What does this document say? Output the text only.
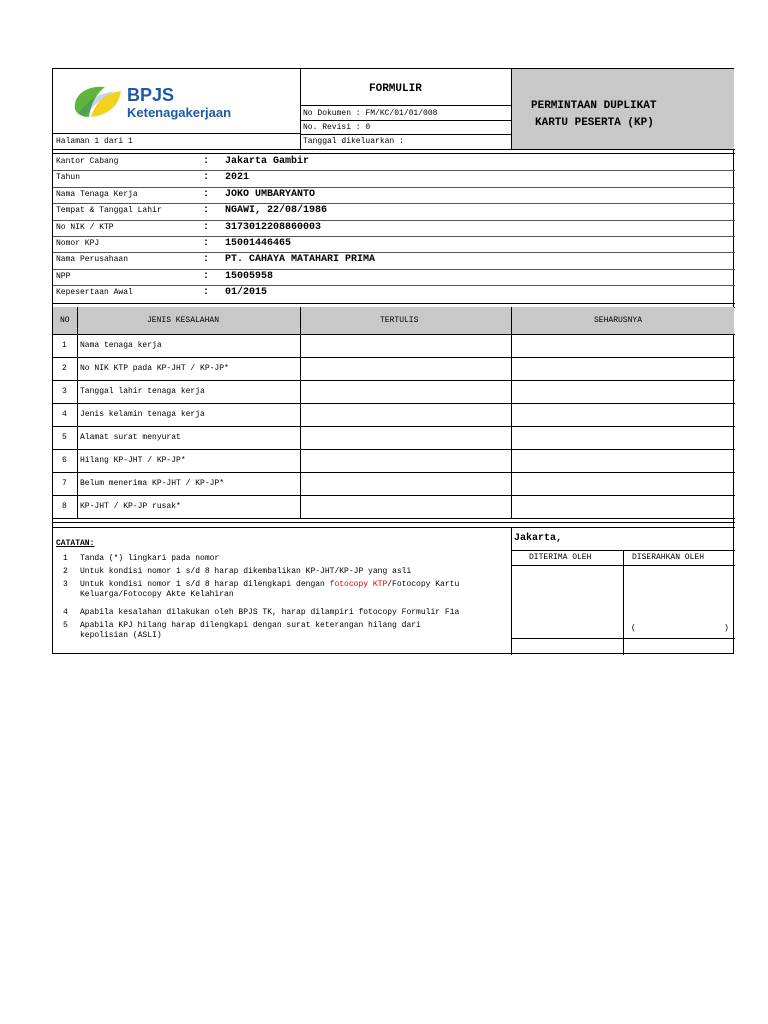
BPJS
Ketenagakerjaan
FORMULIR
No Dokumen : FM/KC/01/01/008
No. Revisi : 0
Tanggal dikeluarkan :
PERMINTAAN DUPLIKAT
KARTU PESERTA (KP)
Halaman 1 dari 1
Kantor Cabang	: Jakarta Gambir
Tahun	: 2021
Nama Tenaga Kerja	: JOKO UMBARYANTO
Tempat & Tanggal Lahir	: NGAWI, 22/08/1986
No NIK / KTP	: 3173012208860003
Nomor KPJ	: 15001446465
Nama Perusahaan	: PT. CAHAYA MATAHARI PRIMA
NPP	: 15005958
Kepesertaan Awal	: 01/2015
NO	JENIS KESALAHAN	TERTULIS	SEHARUSNYA
1 Nama tenaga kerja
2 No NIK KTP pada KP-JHT / KP-JP*
3 Tanggal lahir tenaga kerja
4 Jenis kelamin tenaga kerja
5 Alamat surat menyurat
6 Hilang KP-JHT / KP-JP*
7 Belum menerima KP-JHT / KP-JP*
8 KP-JHT / KP-JP rusak*
CATATAN:
1 Tanda (*) lingkari pada nomor
2 Untuk kondisi nomor 1 s/d 8 harap dikembalikan KP-JHT/KP-JP yang asli
3 Untuk kondisi nomor 1 s/d 8 harap dilengkapi dengan fotocopy KTP/Fotocopy Kartu
Keluarga/Fotocopy Akte Kelahiran
4 Apabila kesalahan dilakukan oleh BPJS TK, harap dilampiri fotocopy Formulir F1a
5 Apabila KPJ hilang harap dilengkapi dengan surat keterangan hilang dari
kepolisian (ASLI)
Jakarta,
DITERIMA OLEH	DISERAHKAN OLEH
(	)
